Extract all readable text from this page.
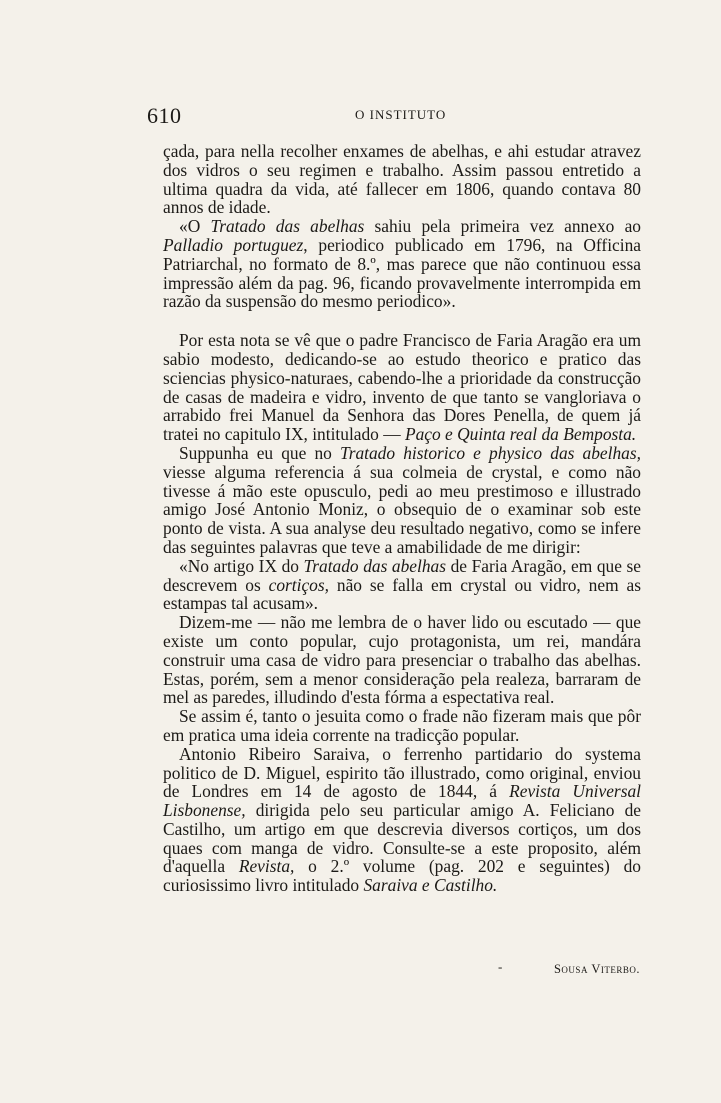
610	O INSTITUTO

çada, para nella recolher enxames de abelhas, e ahi estudar atravez dos vidros o seu regimen e trabalho. Assim passou entretido a ultima quadra da vida, até fallecer em 1806, quando contava 80 annos de idade.

«O Tratado das abelhas sahiu pela primeira vez annexo ao Palladio portuguez, periodico publicado em 1796, na Officina Patriarchal, no formato de 8.º, mas parece que não continuou essa impressão além da pag. 96, ficando provavelmente interrompida em razão da suspensão do mesmo periodico».

Por esta nota se vê que o padre Francisco de Faria Aragão era um sabio modesto, dedicando-se ao estudo theorico e pratico das sciencias physico-naturaes, cabendo-lhe a prioridade da construcção de casas de madeira e vidro, invento de que tanto se vangloriava o arrabido frei Manuel da Senhora das Dores Penella, de quem já tratei no capitulo IX, intitulado — Paço e Quinta real da Bemposta.

Suppunha eu que no Tratado historico e physico das abelhas, viesse alguma referencia á sua colmeia de crystal, e como não tivesse á mão este opusculo, pedi ao meu prestimoso e illustrado amigo José Antonio Moniz, o obsequio de o examinar sob este ponto de vista. A sua analyse deu resultado negativo, como se infere das seguintes palavras que teve a amabilidade de me dirigir:

«No artigo IX do Tratado das abelhas de Faria Aragão, em que se descrevem os cortiços, não se falla em crystal ou vidro, nem as estampas tal acusam».

Dizem-me — não me lembra de o haver lido ou escutado — que existe um conto popular, cujo protagonista, um rei, mandára construir uma casa de vidro para presenciar o trabalho das abelhas. Estas, porém, sem a menor consideração pela realeza, barraram de mel as paredes, illudindo d'esta fórma a espectativa real.

Se assim é, tanto o jesuita como o frade não fizeram mais que pôr em pratica uma ideia corrente na tradicção popular.

Antonio Ribeiro Saraiva, o ferrenho partidario do systema politico de D. Miguel, espirito tão illustrado, como original, enviou de Londres em 14 de agosto de 1844, á Revista Universal Lisbonense, dirigida pelo seu particular amigo A. Feliciano de Castilho, um artigo em que descrevia diversos cortiços, um dos quaes com manga de vidro. Consulte-se a este proposito, além d'aquella Revista, o 2.º volume (pag. 202 e seguintes) do curiosissimo livro intitulado Saraiva e Castilho.

-	Sousa Viterbo.
